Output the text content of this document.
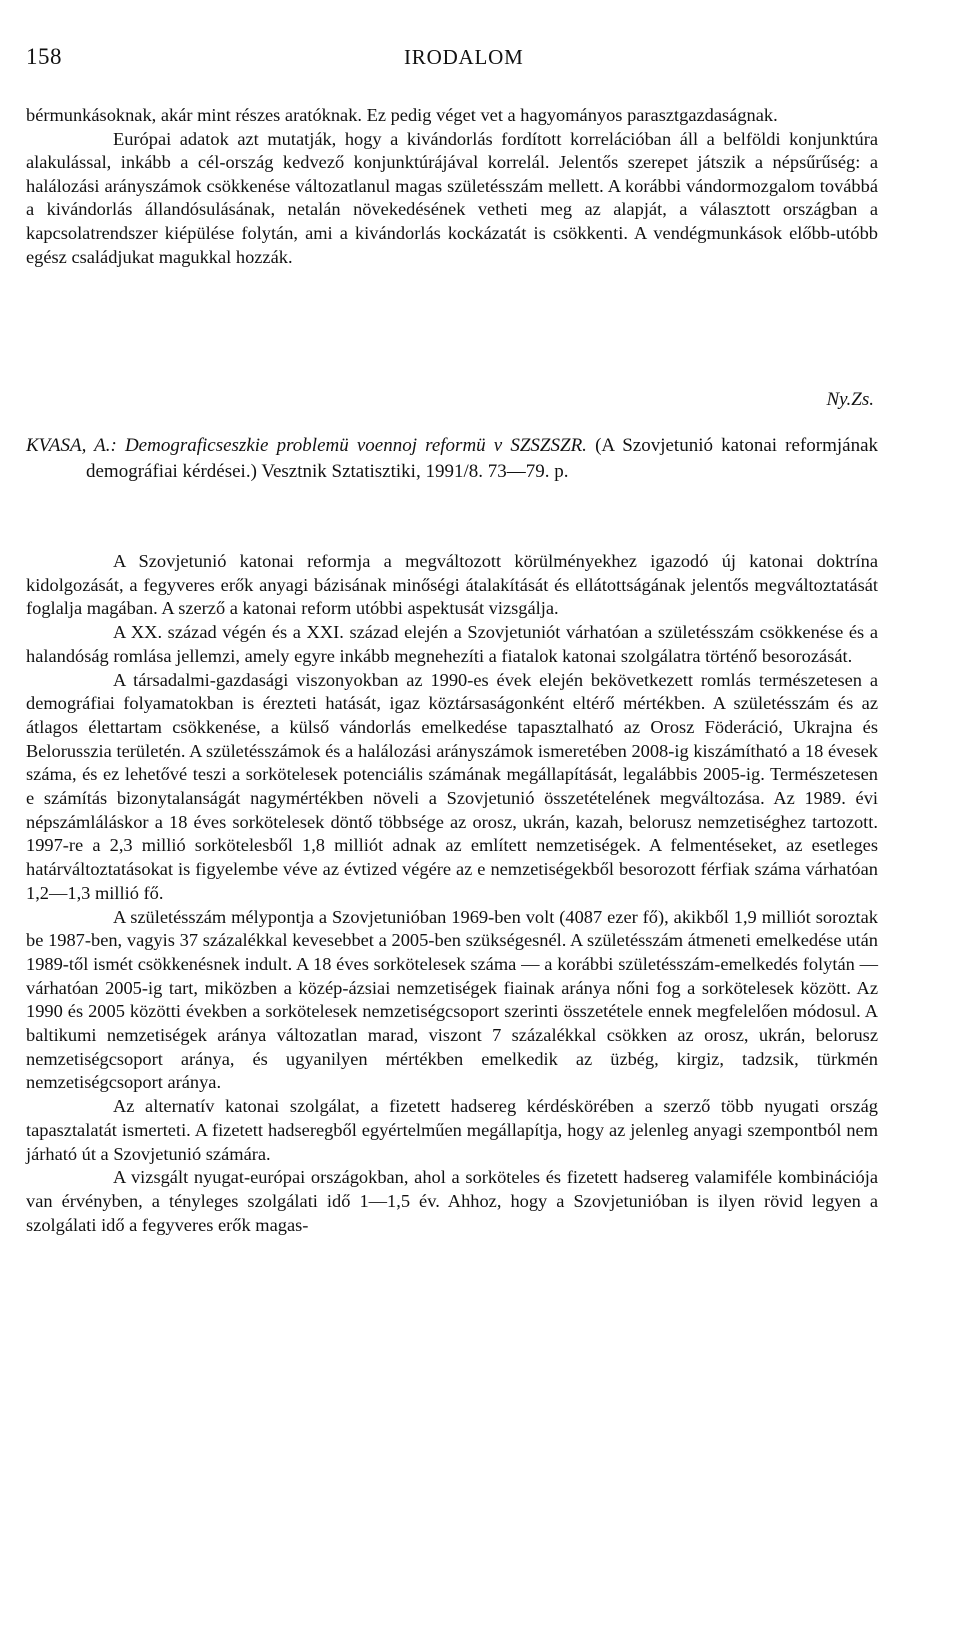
158	IRODALOM

bérmunkásoknak, akár mint részes aratóknak. Ez pedig véget vet a hagyományos parasztgazdaságnak.

Európai adatok azt mutatják, hogy a kivándorlás fordított korrelációban áll a belföldi konjunktúra alakulással, inkább a cél-ország kedvező konjunktúrájával korrelál. Jelentős szerepet játszik a népsűrűség: a halálozási arányszámok csökkenése változatlanul magas születésszám mellett. A korábbi vándormozgalom továbbá a kivándorlás állandósulásának, netalán növekedésének vetheti meg az alapját, a választott országban a kapcsolatrendszer kiépülése folytán, ami a kivándorlás kockázatát is csökkenti. A vendégmunkások előbb-utóbb egész családjukat magukkal hozzák.

Ny.Zs.
KVASA, A.: Demograficseszkie problemü voennoj reformü v SZSZSZR. (A Szovjetunió katonai reformjának demográfiai kérdései.) Vesztnik Sztatisztiki, 1991/8. 73—79. p.

A Szovjetunió katonai reformja a megváltozott körülményekhez igazodó új katonai doktrína kidolgozását, a fegyveres erők anyagi bázisának minőségi átalakítását és ellátottságának jelentős megváltoztatását foglalja magában. A szerző a katonai reform utóbbi aspektusát vizsgálja.

A XX. század végén és a XXI. század elején a Szovjetuniót várhatóan a születésszám csökkenése és a halandóság romlása jellemzi, amely egyre inkább megnehezíti a fiatalok katonai szolgálatra történő besorozását.

A társadalmi-gazdasági viszonyokban az 1990-es évek elején bekövetkezett romlás természetesen a demográfiai folyamatokban is érezteti hatását, igaz köztársaságonként eltérő mértékben. A születésszám és az átlagos élettartam csökkenése, a külső vándorlás emelkedése tapasztalható az Orosz Föderáció, Ukrajna és Belorusszia területén. A születésszámok és a halálozási arányszámok ismeretében 2008-ig kiszámítható a 18 évesek száma, és ez lehetővé teszi a sorkötelesek potenciális számának megállapítását, legalábbis 2005-ig. Természetesen e számítás bizonytalanságát nagymértékben növeli a Szovjetunió összetételének megváltozása. Az 1989. évi népszámláláskor a 18 éves sorkötelesek döntő többsége az orosz, ukrán, kazah, belorusz nemzetiséghez tartozott. 1997-re a 2,3 millió sorkötelesből 1,8 milliót adnak az említett nemzetiségek. A felmentéseket, az esetleges határváltoztatásokat is figyelembe véve az évtized végére az e nemzetiségekből besorozott férfiak száma várhatóan 1,2—1,3 millió fő.

A születésszám mélypontja a Szovjetunióban 1969-ben volt (4087 ezer fő), akikből 1,9 milliót soroztak be 1987-ben, vagyis 37 százalékkal kevesebbet a 2005-ben szükségesnél. A születésszám átmeneti emelkedése után 1989-től ismét csökkenésnek indult. A 18 éves sorkötelesek száma — a korábbi születésszám-emelkedés folytán — várhatóan 2005-ig tart, miközben a közép-ázsiai nemzetiségek fiainak aránya nőni fog a sorkötelesek között. Az 1990 és 2005 közötti években a sorkötelesek nemzetiségcsoport szerinti összetétele ennek megfelelően módosul. A baltikumi nemzetiségek aránya változatlan marad, viszont 7 százalékkal csökken az orosz, ukrán, belorusz nemzetiségcsoport aránya, és ugyanilyen mértékben emelkedik az üzbég, kirgiz, tadzsik, türkmén nemzetiségcsoport aránya.

Az alternatív katonai szolgálat, a fizetett hadsereg kérdéskörében a szerző több nyugati ország tapasztalatát ismerteti. A fizetett hadseregből egyértelműen megállapítja, hogy az jelenleg anyagi szempontból nem járható út a Szovjetunió számára.

A vizsgált nyugat-európai országokban, ahol a sorköteles és fizetett hadsereg valamiféle kombinációja van érvényben, a tényleges szolgálati idő 1—1,5 év. Ahhoz, hogy a Szovjetunióban is ilyen rövid legyen a szolgálati idő a fegyveres erők magas-
